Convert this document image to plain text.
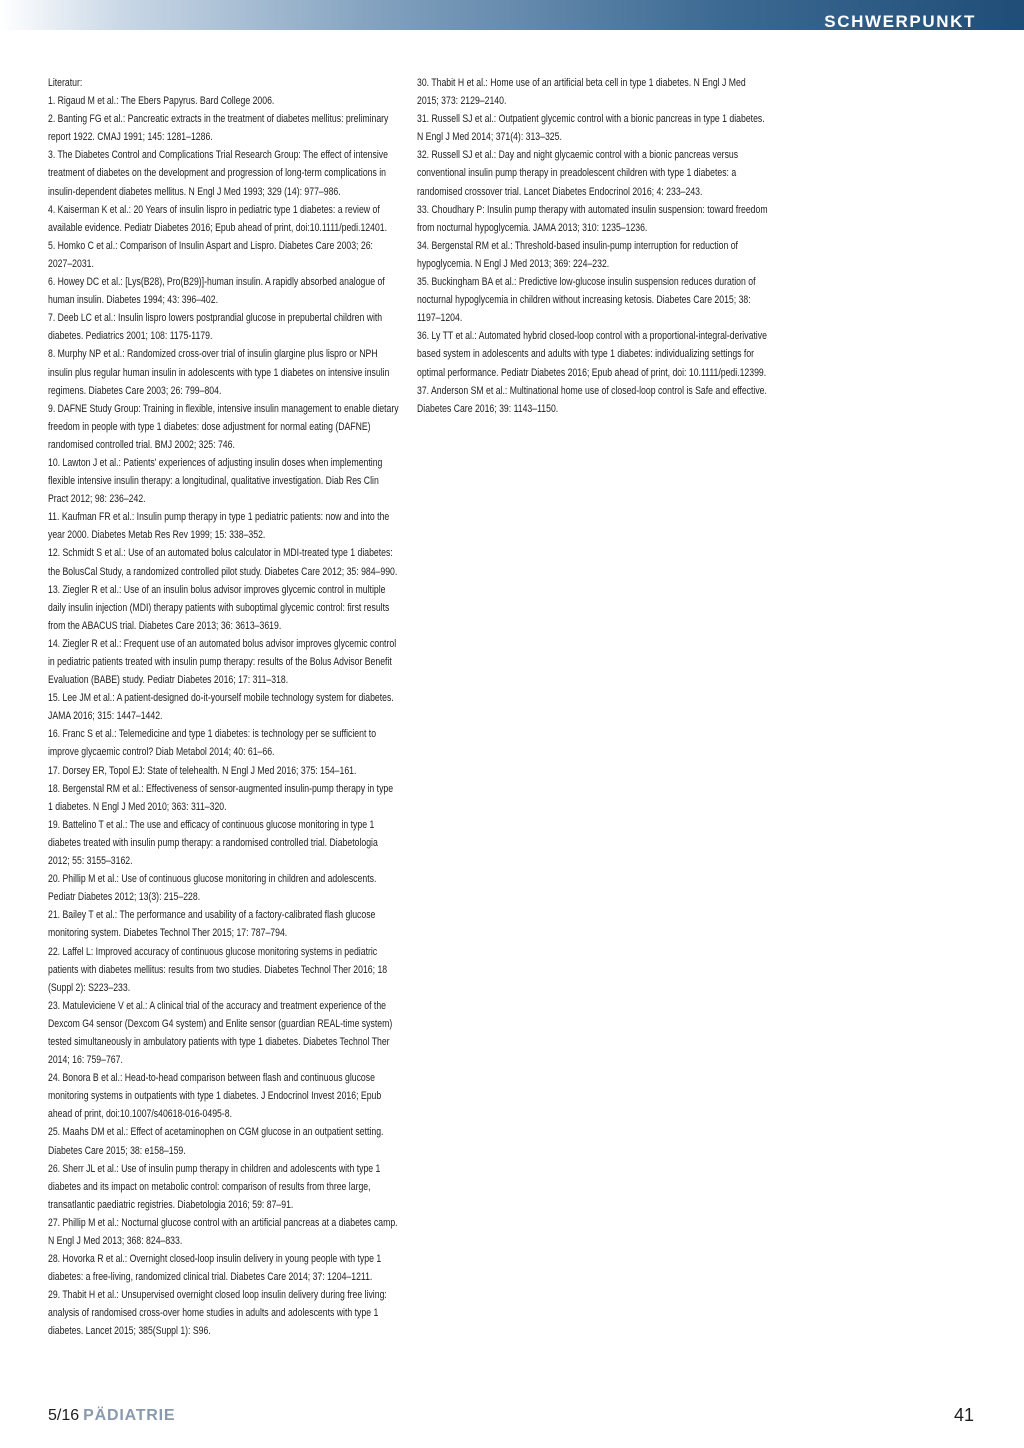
SCHWERPUNKT

Literatur:

1. Rigaud M et al.: The Ebers Papyrus. Bard College 2006.
2. Banting FG et al.: Pancreatic extracts in the treatment of diabetes mellitus: preliminary report 1922. CMAJ 1991; 145: 1281–1286.
3. The Diabetes Control and Complications Trial Research Group: The effect of intensive treatment of diabetes on the development and progression of long-term complications in insulin-dependent diabetes mellitus. N Engl J Med 1993; 329 (14): 977–986.
4. Kaiserman K et al.: 20 Years of insulin lispro in pediatric type 1 diabetes: a review of available evidence. Pediatr Diabetes 2016; Epub ahead of print, doi:10.1111/pedi.12401.
5. Homko C et al.: Comparison of Insulin Aspart and Lispro. Diabetes Care 2003; 26: 2027–2031.
6. Howey DC et al.: [Lys(B28), Pro(B29)]-human insulin. A rapidly absorbed analogue of human insulin. Diabetes 1994; 43: 396–402.
7. Deeb LC et al.: Insulin lispro lowers postprandial glucose in prepubertal children with diabetes. Pediatrics 2001; 108: 1175-1179.
8. Murphy NP et al.: Randomized cross-over trial of insulin glargine plus lispro or NPH insulin plus regular human insulin in adolescents with type 1 diabetes on intensive insulin regimens. Diabetes Care 2003; 26: 799–804.
9. DAFNE Study Group: Training in flexible, intensive insulin management to enable dietary freedom in people with type 1 diabetes: dose adjustment for normal eating (DAFNE) randomised controlled trial. BMJ 2002; 325: 746.
10. Lawton J et al.: Patients' experiences of adjusting insulin doses when implementing flexible intensive insulin therapy: a longitudinal, qualitative investigation. Diab Res Clin Pract 2012; 98: 236–242.
11. Kaufman FR et al.: Insulin pump therapy in type 1 pediatric patients: now and into the year 2000. Diabetes Metab Res Rev 1999; 15: 338–352.
12. Schmidt S et al.: Use of an automated bolus calculator in MDI-treated type 1 diabetes: the BolusCal Study, a randomized controlled pilot study. Diabetes Care 2012; 35: 984–990.
13. Ziegler R et al.: Use of an insulin bolus advisor improves glycemic control in multiple daily insulin injection (MDI) therapy patients with suboptimal glycemic control: first results from the ABACUS trial. Diabetes Care 2013; 36: 3613–3619.
14. Ziegler R et al.: Frequent use of an automated bolus advisor improves glycemic control in pediatric patients treated with insulin pump therapy: results of the Bolus Advisor Benefit Evaluation (BABE) study. Pediatr Diabetes 2016; 17: 311–318.
15. Lee JM et al.: A patient-designed do-it-yourself mobile technology system for diabetes. JAMA 2016; 315: 1447–1442.
16. Franc S et al.: Telemedicine and type 1 diabetes: is technology per se sufficient to improve glycaemic control? Diab Metabol 2014; 40: 61–66.
17. Dorsey ER, Topol EJ: State of telehealth. N Engl J Med 2016; 375: 154–161.
18. Bergenstal RM et al.: Effectiveness of sensor-augmented insulin-pump therapy in type 1 diabetes. N Engl J Med 2010; 363: 311–320.
19. Battelino T et al.: The use and efficacy of continuous glucose monitoring in type 1 diabetes treated with insulin pump therapy: a randomised controlled trial. Diabetologia 2012; 55: 3155–3162.
20. Phillip M et al.: Use of continuous glucose monitoring in children and adolescents. Pediatr Diabetes 2012; 13(3): 215–228.
21. Bailey T et al.: The performance and usability of a factory-calibrated flash glucose monitoring system. Diabetes Technol Ther 2015; 17: 787–794.
22. Laffel L: Improved accuracy of continuous glucose monitoring systems in pediatric patients with diabetes mellitus: results from two studies. Diabetes Technol Ther 2016; 18 (Suppl 2): S223–233.
23. Matuleviciene V et al.: A clinical trial of the accuracy and treatment experience of the Dexcom G4 sensor (Dexcom G4 system) and Enlite sensor (guardian REAL-time system) tested simultaneously in ambulatory patients with type 1 diabetes. Diabetes Technol Ther 2014; 16: 759–767.
24. Bonora B et al.: Head-to-head comparison between flash and continuous glucose monitoring systems in outpatients with type 1 diabetes. J Endocrinol Invest 2016; Epub ahead of print, doi:10.1007/s40618-016-0495-8.
25. Maahs DM et al.: Effect of acetaminophen on CGM glucose in an outpatient setting. Diabetes Care 2015; 38: e158–159.
26. Sherr JL et al.: Use of insulin pump therapy in children and adolescents with type 1 diabetes and its impact on metabolic control: comparison of results from three large, transatlantic paediatric registries. Diabetologia 2016; 59: 87–91.
27. Phillip M et al.: Nocturnal glucose control with an artificial pancreas at a diabetes camp. N Engl J Med 2013; 368: 824–833.
28. Hovorka R et al.: Overnight closed-loop insulin delivery in young people with type 1 diabetes: a free-living, randomized clinical trial. Diabetes Care 2014; 37: 1204–1211.
29. Thabit H et al.: Unsupervised overnight closed loop insulin delivery during free living: analysis of randomised cross-over home studies in adults and adolescents with type 1 diabetes. Lancet 2015; 385(Suppl 1): S96.
30. Thabit H et al.: Home use of an artificial beta cell in type 1 diabetes. N Engl J Med 2015; 373: 2129–2140.
31. Russell SJ et al.: Outpatient glycemic control with a bionic pancreas in type 1 diabetes. N Engl J Med 2014; 371(4): 313–325.
32. Russell SJ et al.: Day and night glycaemic control with a bionic pancreas versus conventional insulin pump therapy in preadolescent children with type 1 diabetes: a randomised crossover trial. Lancet Diabetes Endocrinol 2016; 4: 233–243.
33. Choudhary P: Insulin pump therapy with automated insulin suspension: toward freedom from nocturnal hypoglycemia. JAMA 2013; 310: 1235–1236.
34. Bergenstal RM et al.: Threshold-based insulin-pump interruption for reduction of hypoglycemia. N Engl J Med 2013; 369: 224–232.
35. Buckingham BA et al.: Predictive low-glucose insulin suspension reduces duration of nocturnal hypoglycemia in children without increasing ketosis. Diabetes Care 2015; 38: 1197–1204.
36. Ly TT et al.: Automated hybrid closed-loop control with a proportional-integral-derivative based system in adolescents and adults with type 1 diabetes: individualizing settings for optimal performance. Pediatr Diabetes 2016; Epub ahead of print, doi: 10.1111/pedi.12399.
37. Anderson SM et al.: Multinational home use of closed-loop control is Safe and effective. Diabetes Care 2016; 39: 1143–1150.
5/16 PÄDIATRIE	41
